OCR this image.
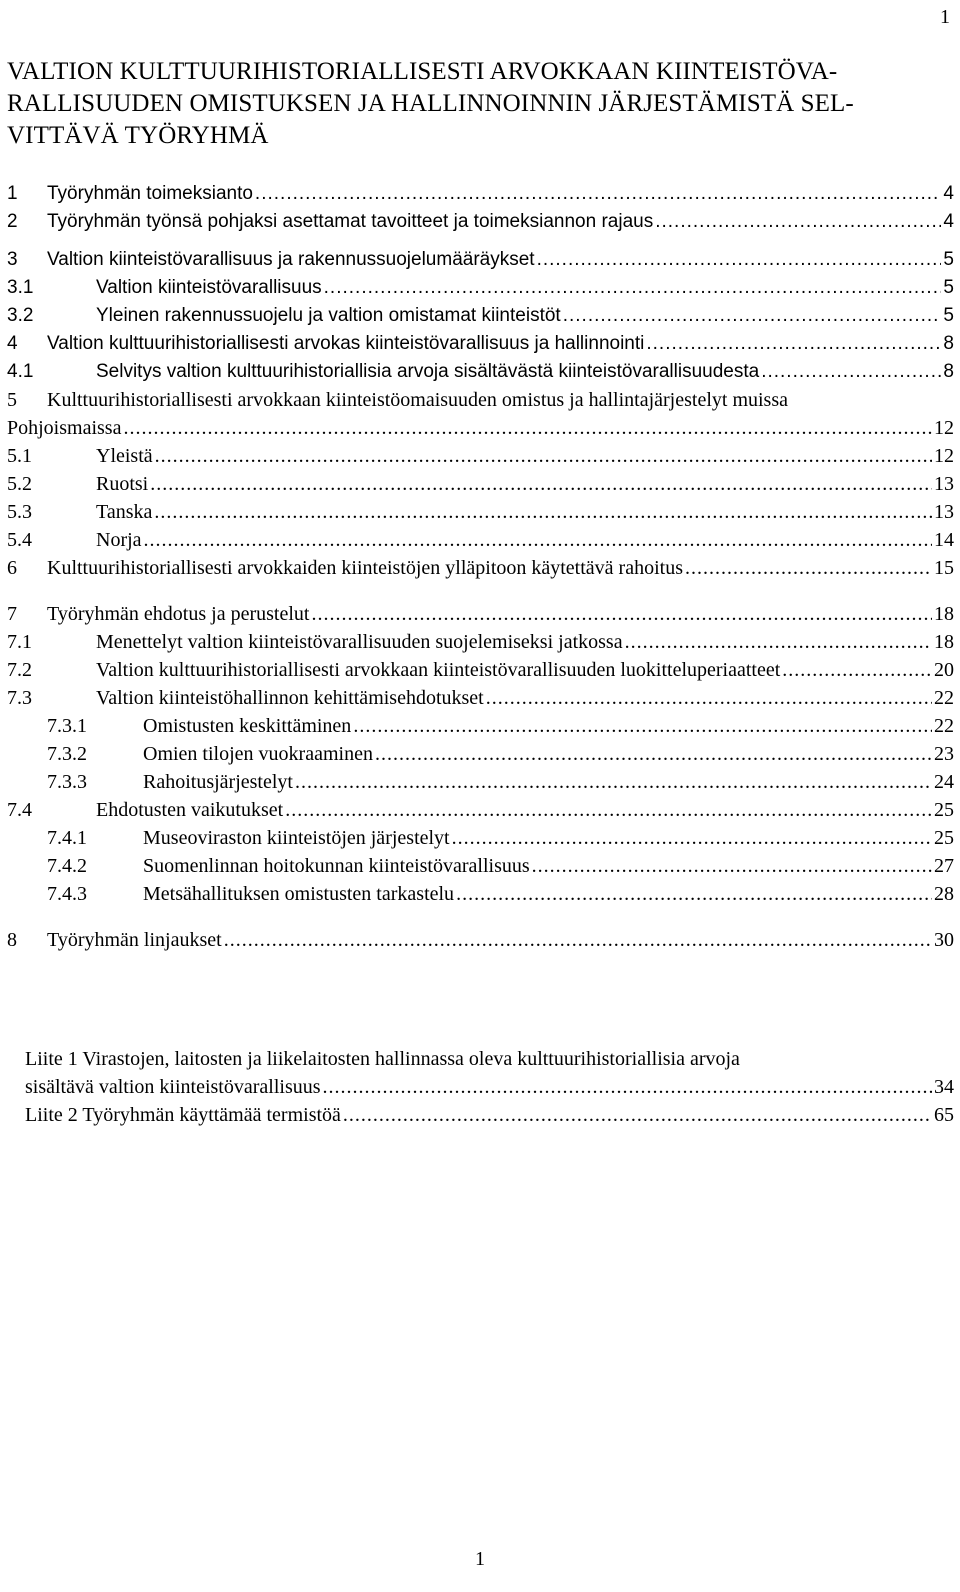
1
VALTION KULTTUURIHISTORIALLISESTI ARVOKKAAN KIINTEISTÖVA-
RALLISUUDEN OMISTUKSEN JA HALLINNOINNIN JÄRJESTÄMISTÄ SEL-
VITTÄVÄ TYÖRYHMÄ
1 Työryhmän toimeksianto .....	4
2 Työryhmän työnsä pohjaksi asettamat tavoitteet ja toimeksiannon rajaus .....	4
3 Valtion kiinteistövarallisuus ja rakennussuojelumääräykset .....	5
3.1	Valtion kiinteistövarallisuus .....	5
3.2	Yleinen rakennussuojelu ja valtion omistamat kiinteistöt .....	5
4 Valtion kulttuurihistoriallisesti arvokas kiinteistövarallisuus ja hallinnointi .....	8
4.1	Selvitys valtion kulttuurihistoriallisia arvoja sisältävästä kiinteistövarallisuudesta .....	8
5 Kulttuurihistoriallisesti arvokkaan kiinteistöomaisuuden omistus ja hallintajärjestelyt muissa
Pohjoismaissa .....	12
5.1	Yleistä .....	12
5.2	Ruotsi .....	13
5.3	Tanska .....	13
5.4	Norja .....	14
6 Kulttuurihistoriallisesti arvokkaiden kiinteistöjen ylläpitoon käytettävä rahoitus .....	15
7 Työryhmän ehdotus ja perustelut .....	18
7.1	Menettelyt valtion kiinteistövarallisuuden suojelemiseksi jatkossa .....	18
7.2	Valtion kulttuurihistoriallisesti arvokkaan kiinteistövarallisuuden luokitteluperiaatteet .....	20
7.3	Valtion kiinteistöhallinnon kehittämisehdotukset .....	22
7.3.1	Omistusten keskittäminen .....	22
7.3.2	Omien tilojen vuokraaminen .....	23
7.3.3	Rahoitusjärjestelyt .....	24
7.4	Ehdotusten vaikutukset .....	25
7.4.1	Museoviraston kiinteistöjen järjestelyt .....	25
7.4.2	Suomenlinnan hoitokunnan kiinteistövarallisuus .....	27
7.4.3	Metsähallituksen omistusten tarkastelu .....	28
8 Työryhmän linjaukset .....	30
Liite 1 Virastojen, laitosten ja liikelaitosten hallinnassa oleva kulttuurihistoriallisia arvoja
sisältävä valtion kiinteistövarallisuus .....	34
Liite 2 Työryhmän käyttämää termistöä .....	65
1
